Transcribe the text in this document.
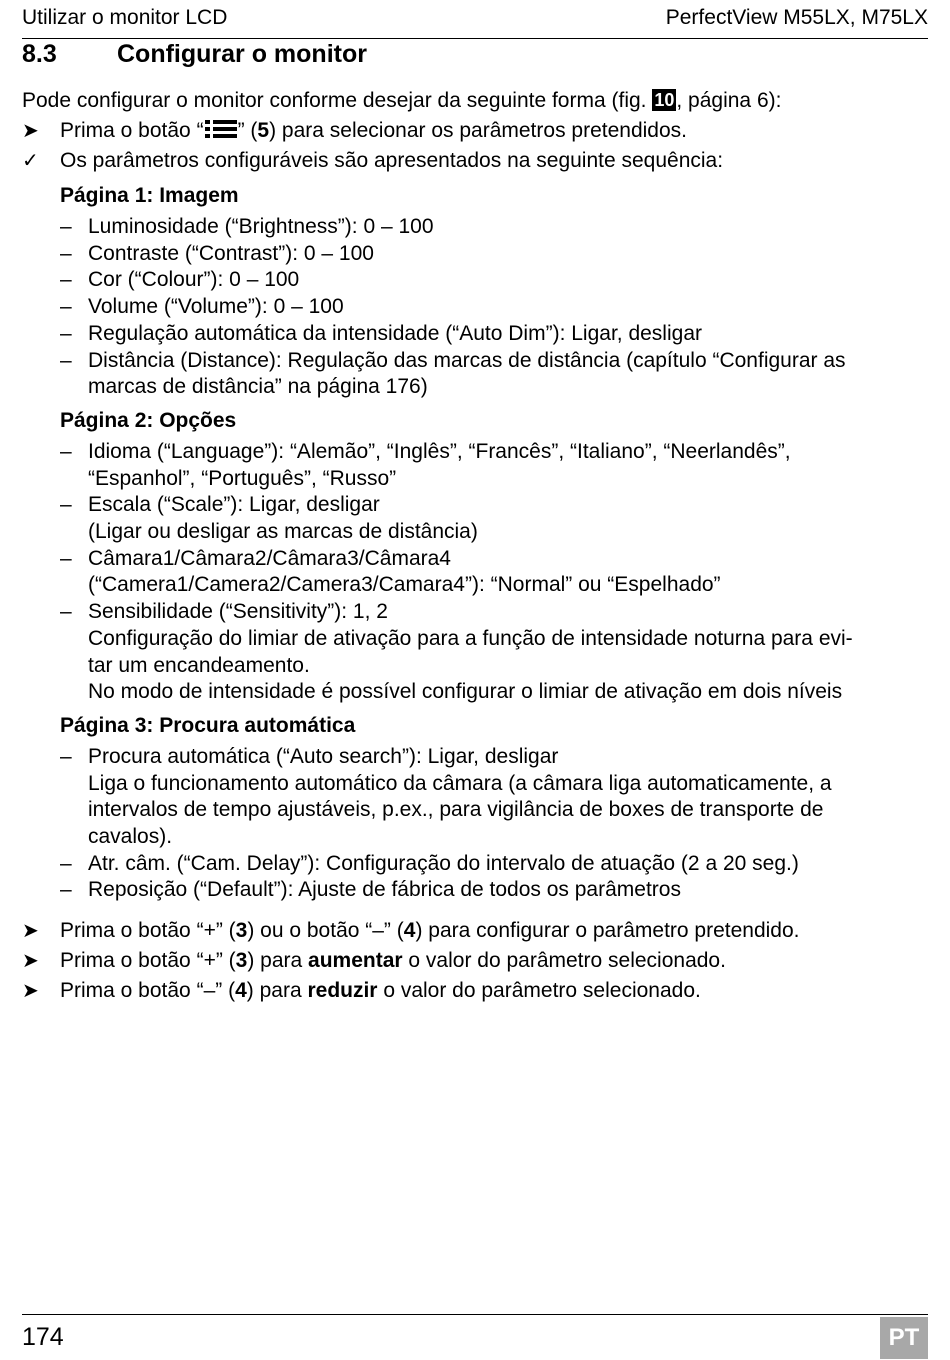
Utilizar o monitor LCD	PerfectView M55LX, M75LX
8.3	Configurar o monitor

Pode configurar o monitor conforme desejar da seguinte forma (fig. 10, página 6):

➤	Prima o botão “ ” (5) para selecionar os parâmetros pretendidos.
✓	Os parâmetros configuráveis são apresentados na seguinte sequência:
Página 1: Imagem
– Luminosidade (“Brightness”): 0 – 100
– Contraste (“Contrast”): 0 – 100
– Cor (“Colour”): 0 – 100
– Volume (“Volume”): 0 – 100
– Regulação automática da intensidade (“Auto Dim”): Ligar, desligar
– Distância (Distance): Regulação das marcas de distância (capítulo “Configurar as
marcas de distância” na página 176)
Página 2: Opções
– Idioma (“Language”): “Alemão”, “Inglês”, “Francês”, “Italiano”, “Neerlandês”,
“Espanhol”, “Português”, “Russo”
– Escala (“Scale”): Ligar, desligar
(Ligar ou desligar as marcas de distância)
– Câmara1/Câmara2/Câmara3/Câmara4
(“Camera1/Camera2/Camera3/Camara4”): “Normal” ou “Espelhado”
– Sensibilidade (“Sensitivity”): 1, 2
Configuração do limiar de ativação para a função de intensidade noturna para evi-
tar um encandeamento.
No modo de intensidade é possível configurar o limiar de ativação em dois níveis
Página 3: Procura automática
– Procura automática (“Auto search”): Ligar, desligar
Liga o funcionamento automático da câmara (a câmara liga automaticamente, a
intervalos de tempo ajustáveis, p.ex., para vigilância de boxes de transporte de
cavalos).
– Atr. câm. (“Cam. Delay”): Configuração do intervalo de atuação (2 a 20 seg.)
– Reposição (“Default”): Ajuste de fábrica de todos os parâmetros
➤	Prima o botão “+” (3) ou o botão “–” (4) para configurar o parâmetro pretendido.
➤	Prima o botão “+” (3) para aumentar o valor do parâmetro selecionado.
➤	Prima o botão “–” (4) para reduzir o valor do parâmetro selecionado.
174	PT
